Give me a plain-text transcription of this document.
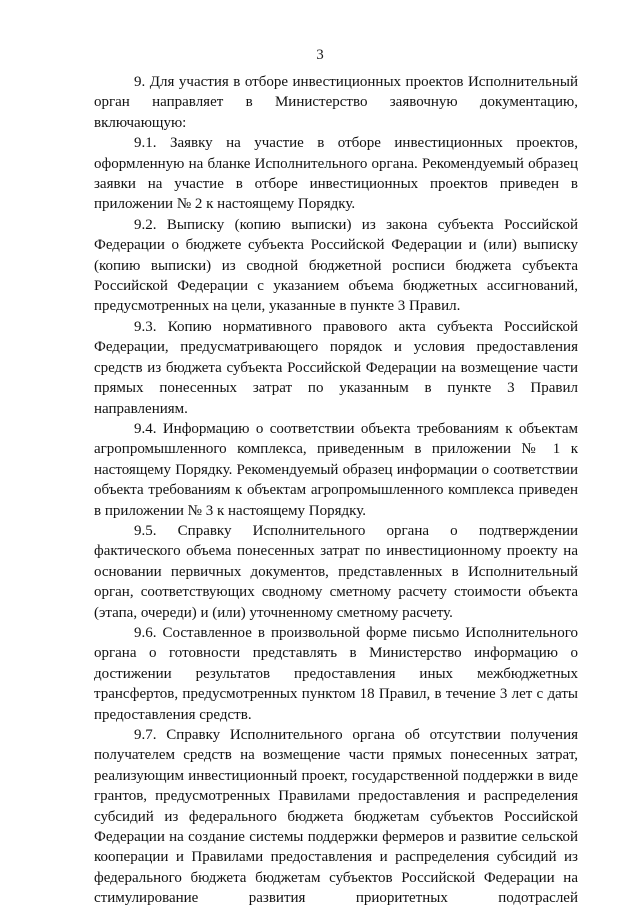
3

9. Для участия в отборе инвестиционных проектов Исполнительный орган направляет в Министерство заявочную документацию, включающую:

9.1. Заявку на участие в отборе инвестиционных проектов, оформленную на бланке Исполнительного органа. Рекомендуемый образец заявки на участие в отборе инвестиционных проектов приведен в приложении № 2 к настоящему Порядку.

9.2. Выписку (копию выписки) из закона субъекта Российской Федерации о бюджете субъекта Российской Федерации и (или) выписку (копию выписки) из сводной бюджетной росписи бюджета субъекта Российской Федерации с указанием объема бюджетных ассигнований, предусмотренных на цели, указанные в пункте 3 Правил.

9.3. Копию нормативного правового акта субъекта Российской Федерации, предусматривающего порядок и условия предоставления средств из бюджета субъекта Российской Федерации на возмещение части прямых понесенных затрат по указанным в пункте 3 Правил направлениям.

9.4. Информацию о соответствии объекта требованиям к объектам агропромышленного комплекса, приведенным в приложении № 1 к настоящему Порядку. Рекомендуемый образец информации о соответствии объекта требованиям к объектам агропромышленного комплекса приведен в приложении № 3 к настоящему Порядку.

9.5. Справку Исполнительного органа о подтверждении фактического объема понесенных затрат по инвестиционному проекту на основании первичных документов, представленных в Исполнительный орган, соответствующих сводному сметному расчету стоимости объекта (этапа, очереди) и (или) уточненному сметному расчету.

9.6. Составленное в произвольной форме письмо Исполнительного органа о готовности представлять в Министерство информацию о достижении результатов предоставления иных межбюджетных трансфертов, предусмотренных пунктом 18 Правил, в течение 3 лет с даты предоставления средств.

9.7. Справку Исполнительного органа об отсутствии получения получателем средств на возмещение части прямых понесенных затрат, реализующим инвестиционный проект, государственной поддержки в виде грантов, предусмотренных Правилами предоставления и распределения субсидий из федерального бюджета бюджетам субъектов Российской Федерации на создание системы поддержки фермеров и развитие сельской кооперации и Правилами предоставления и распределения субсидий из федерального бюджета бюджетам субъектов Российской Федерации на стимулирование развития приоритетных подотраслей
